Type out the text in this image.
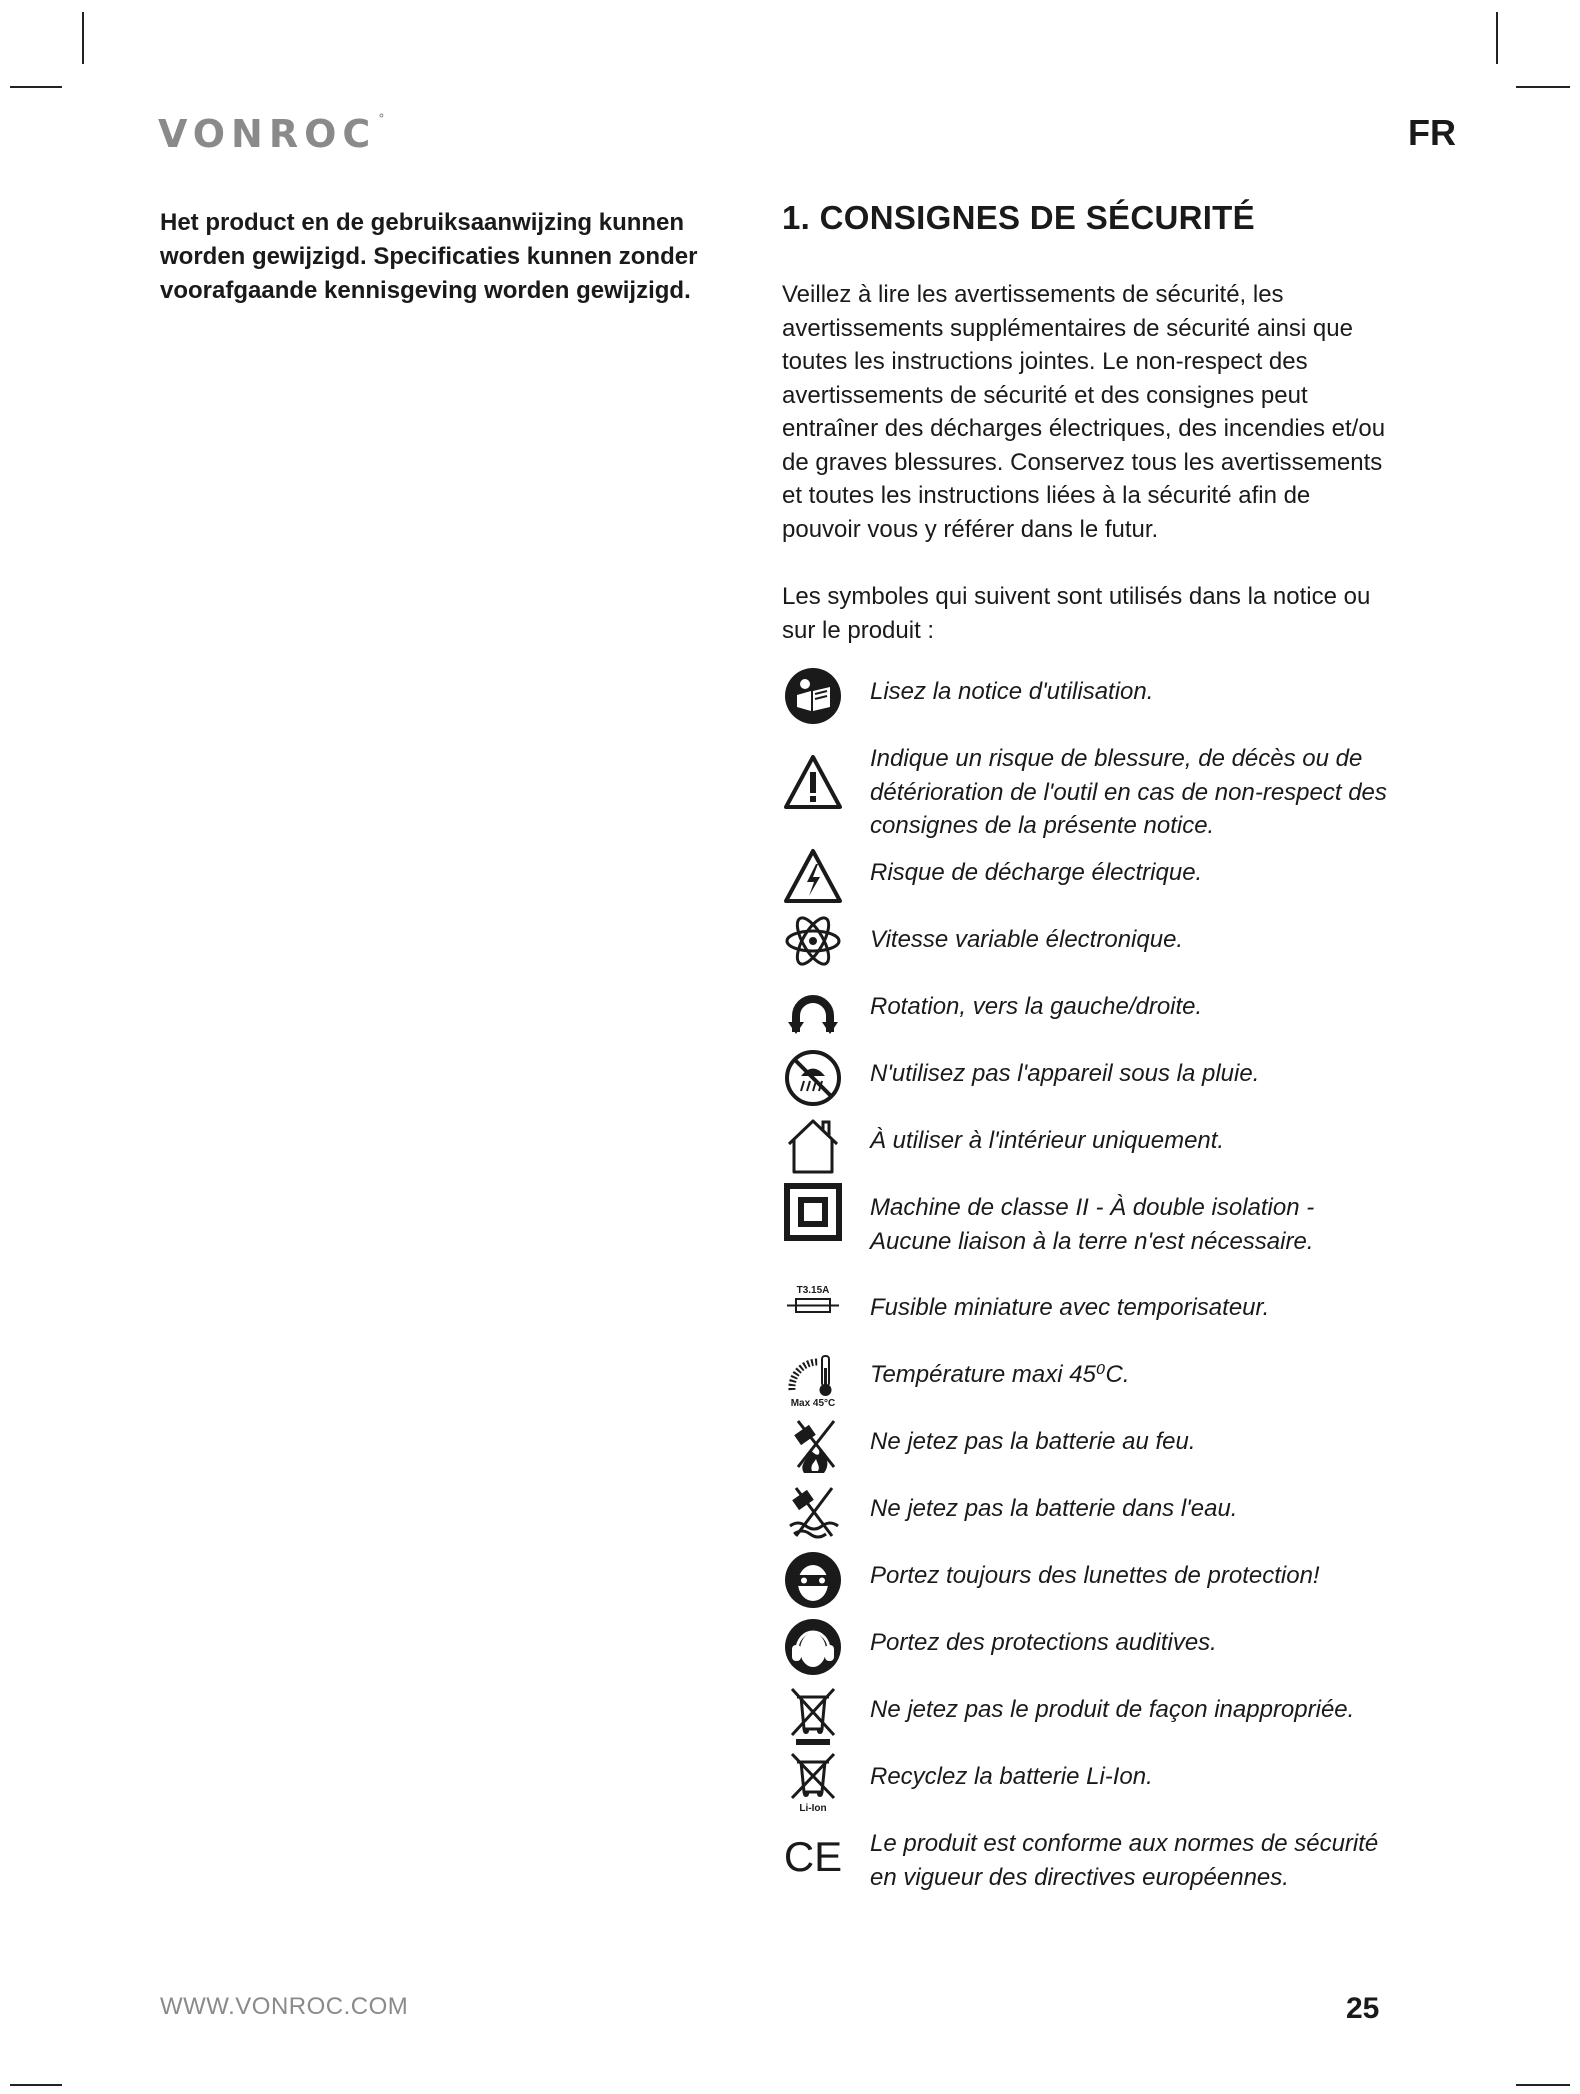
VONROC °	FR
Het product en de gebruiksaanwijzing kunnen worden gewijzigd. Specificaties kunnen zonder voorafgaande kennisgeving worden gewijzigd.
1. CONSIGNES DE SÉCURITÉ

Veillez à lire les avertissements de sécurité, les avertissements supplémentaires de sécurité ainsi que toutes les instructions jointes. Le non-respect des avertissements de sécurité et des consignes peut entraîner des décharges électriques, des incendies et/ou de graves blessures. Conservez tous les avertissements et toutes les instructions liées à la sécurité afin de pouvoir vous y référer dans le futur.

Les symboles qui suivent sont utilisés dans la notice ou sur le produit :

Lisez la notice d'utilisation.
Indique un risque de blessure, de décès ou de détérioration de l'outil en cas de non-respect des consignes de la présente notice.
Risque de décharge électrique.
Vitesse variable électronique.
Rotation, vers la gauche/droite.
N'utilisez pas l'appareil sous la pluie.
À utiliser à l'intérieur uniquement.
Machine de classe II - À double isolation - Aucune liaison à la terre n'est nécessaire.
T3.15A
Fusible miniature avec temporisateur.
Max 45°C
Température maxi 45⁰C.
Ne jetez pas la batterie au feu.
Ne jetez pas la batterie dans l'eau.
Portez toujours des lunettes de protection!
Portez des protections auditives.
Ne jetez pas le produit de façon inappropriée.
Li-Ion
Recyclez la batterie Li-Ion.
CE Le produit est conforme aux normes de sécurité en vigueur des directives européennes.
WWW.VONROC.COM	25
